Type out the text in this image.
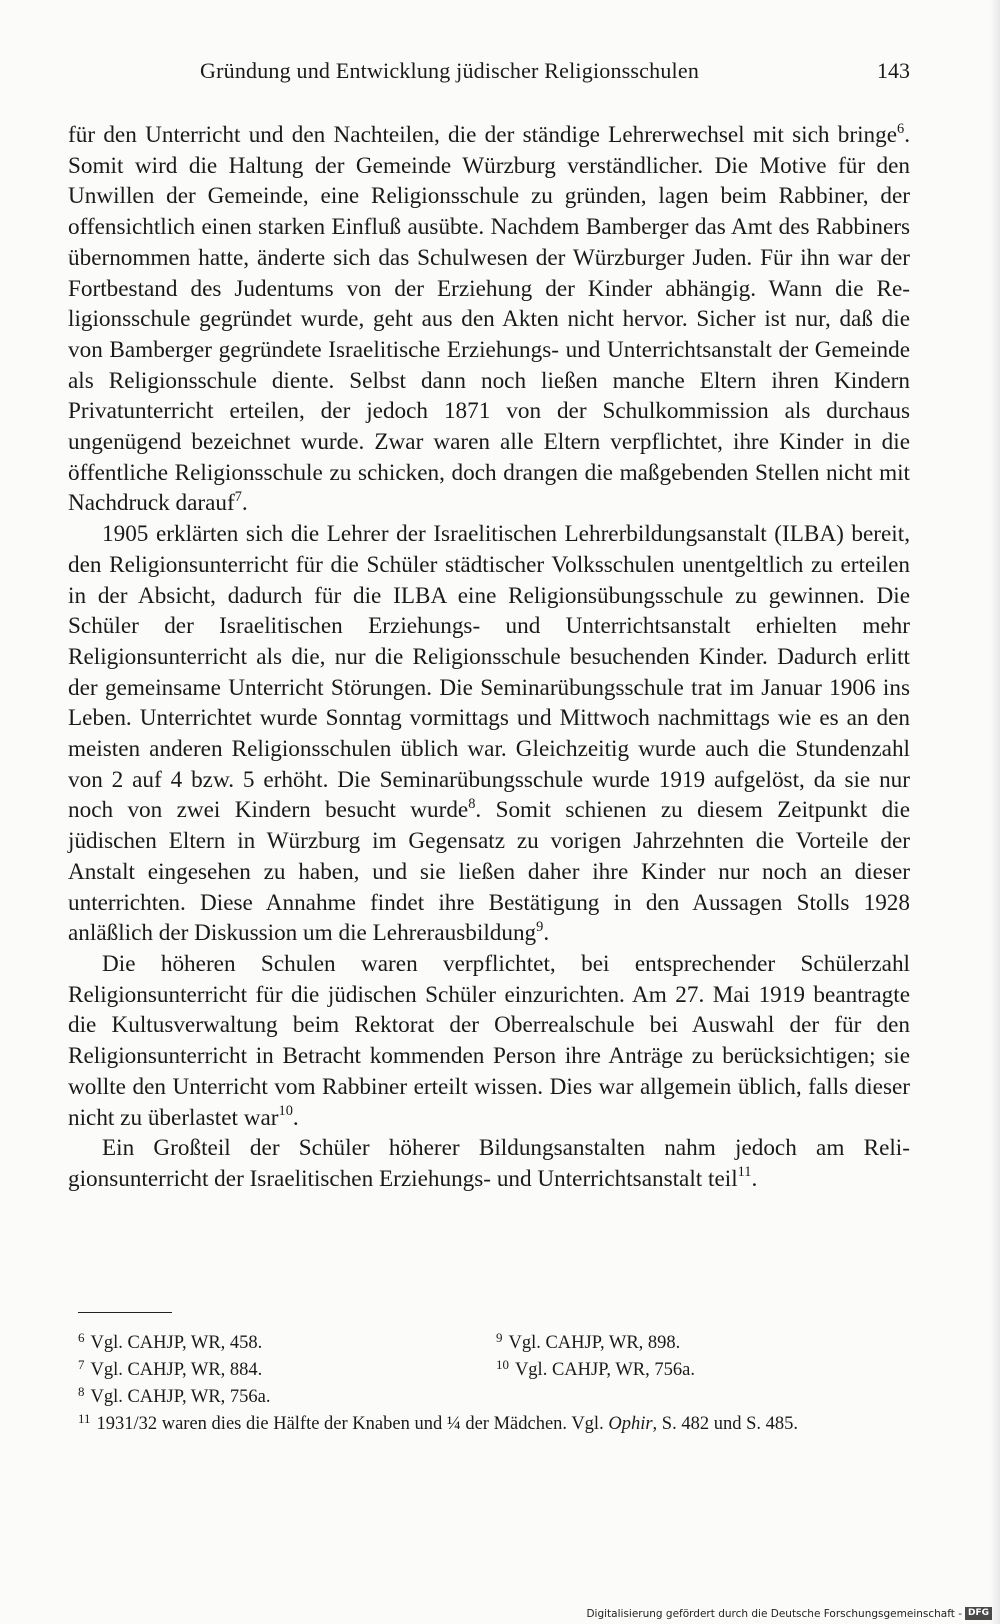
Gründung und Entwicklung jüdischer Religionsschulen	143

für den Unterricht und den Nachteilen, die der ständige Lehrerwechsel mit sich bringe$^6$. Somit wird die Haltung der Gemeinde Würzburg verständlicher. Die Motive für den Unwillen der Gemeinde, eine Religionsschule zu gründen, lagen beim Rabbiner, der offensichtlich einen starken Einfluß ausübte. Nachdem Bamberger das Amt des Rabbiners übernommen hatte, änderte sich das Schulwesen der Würzburger Juden. Für ihn war der Fortbestand des Judentums von der Erziehung der Kinder abhängig. Wann die Religionsschule gegründet wurde, geht aus den Akten nicht hervor. Sicher ist nur, daß die von Bamberger gegründete Israelitische Erziehungs- und Unterrichtsanstalt der Gemeinde als Religionsschule diente. Selbst dann noch ließen manche Eltern ihren Kindern Privatunterricht erteilen, der jedoch 1871 von der Schulkommission als durchaus ungenügend bezeichnet wurde. Zwar waren alle Eltern verpflichtet, ihre Kinder in die öffentliche Religionsschule zu schicken, doch drangen die maßgebenden Stellen nicht mit Nachdruck darauf$^7$.

1905 erklärten sich die Lehrer der Israelitischen Lehrerbildungsanstalt (ILBA) bereit, den Religionsunterricht für die Schüler städtischer Volksschulen unentgeltlich zu erteilen in der Absicht, dadurch für die ILBA eine Religionsübungsschule zu gewinnen. Die Schüler der Israelitischen Erziehungs- und Unterrichtsanstalt erhielten mehr Religionsunterricht als die, nur die Religionsschule besuchenden Kinder. Dadurch erlitt der gemeinsame Unterricht Störungen. Die Seminarübungsschule trat im Januar 1906 ins Leben. Unterrichtet wurde Sonntag vormittags und Mittwoch nachmittags wie es an den meisten anderen Religionsschulen üblich war. Gleichzeitig wurde auch die Stundenzahl von 2 auf 4 bzw. 5 erhöht. Die Seminarübungsschule wurde 1919 aufgelöst, da sie nur noch von zwei Kindern besucht wurde$^8$. Somit schienen zu diesem Zeitpunkt die jüdischen Eltern in Würzburg im Gegensatz zu vorigen Jahrzehnten die Vorteile der Anstalt eingesehen zu haben, und sie ließen daher ihre Kinder nur noch an dieser unterrichten. Diese Annahme findet ihre Bestätigung in den Aussagen Stolls 1928 anläßlich der Diskussion um die Lehrerausbildung$^9$.

Die höheren Schulen waren verpflichtet, bei entsprechender Schülerzahl Religionsunterricht für die jüdischen Schüler einzurichten. Am 27. Mai 1919 beantragte die Kultusverwaltung beim Rektorat der Oberrealschule bei Auswahl der für den Religionsunterricht in Betracht kommenden Person ihre Anträge zu berücksichtigen; sie wollte den Unterricht vom Rabbiner erteilt wissen. Dies war allgemein üblich, falls dieser nicht zu überlastet war$^{10}$.

Ein Großteil der Schüler höherer Bildungsanstalten nahm jedoch am Religionsunterricht der Israelitischen Erziehungs- und Unterrichtsanstalt teil$^{11}$.

$^6$ Vgl. CAHJP, WR, 458.
$^7$ Vgl. CAHJP, WR, 884.
$^8$ Vgl. CAHJP, WR, 756a.
$^9$ Vgl. CAHJP, WR, 898.
$^{10}$ Vgl. CAHJP, WR, 756a.
$^{11}$ 1931/32 waren dies die Hälfte der Knaben und ¼ der Mädchen. Vgl. Ophir, S. 482 und S. 485.
Digitalisierung gefördert durch die Deutsche Forschungsgemeinschaft - DFG
